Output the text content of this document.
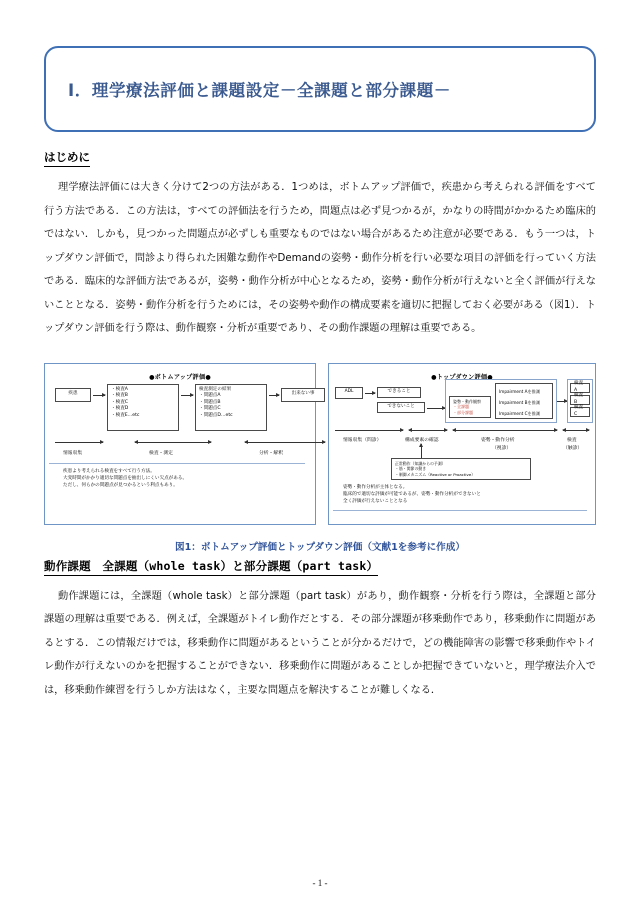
Ⅰ．理学療法評価と課題設定－全課題と部分課題－
はじめに
理学療法評価には大きく分けて2つの方法がある．1つめは，ボトムアップ評価で，疾患から考えられる評価をすべて行う方法である．この方法は，すべての評価法を行うため，問題点は必ず見つかるが，かなりの時間がかかるため臨床的ではない．しかも，見つかった問題点が必ずしも重要なものではない場合があるため注意が必要である．もう一つは，トップダウン評価で，問診より得られた困難な動作やDemandの姿勢・動作分析を行い必要な項目の評価を行っていく方法である．臨床的な評価方法であるが，姿勢・動作分析が中心となるため，姿勢・動作分析が行えないと全く評価が行えないこととなる．姿勢・動作分析を行うためには，その姿勢や動作の構成要素を適切に把握しておく必要がある（図1）．トップダウン評価を行う際は、動作観察・分析が重要であり、その動作課題の理解は重要である。
●ボトムアップ評価●
疾患
・検査A
・検査B
・検査C
・検査D
・検査E…etc
検査測定の結果
・問題点A
・問題点B
・問題点C
・問題点D…etc
出来ない事
情報収集	検査・測定	分析・解釈
疾患より考えられる検査をすべて行う方法。
大変時間がかかり適切な問題点を抽出しにくい欠点がある。
ただし、何らかの問題点が見つかるという利点もあり。
●トップダウン評価●
ADL	できること
できないこと
姿勢・動作観察
・全課題
・部分課題
Impairment Aを推測
Impairment Bを推測
Impairment Cを推測
検査A
検査B
検査C
情報収集（問診）	構成要素の確認	姿勢・動作分析
（視診）
検査
（触診）
正常動作（知識からの予測）
・筋・関節の動き
・制御メカニズム（Reactive or Proactive）
姿勢・動作分析が主体となる。
臨床的で適切な評価が可能であるが、姿勢・動作分析ができないと
全く評価が行えないこととなる
図1：ボトムアップ評価とトップダウン評価（文献1を参考に作成）
動作課題　全課題（whole task）と部分課題（part task）
動作課題には，全課題（whole task）と部分課題（part task）があり，動作観察・分析を行う際は，全課題と部分課題の理解は重要である．例えば，全課題がトイレ動作だとする．その部分課題が移乗動作であり，移乗動作に問題があるとする．この情報だけでは，移乗動作に問題があるということが分かるだけで，どの機能障害の影響で移乗動作やトイレ動作が行えないのかを把握することができない．移乗動作に問題があることしか把握できていないと，理学療法介入では，移乗動作練習を行うしか方法はなく，主要な問題点を解決することが難しくなる．
- 1 -
